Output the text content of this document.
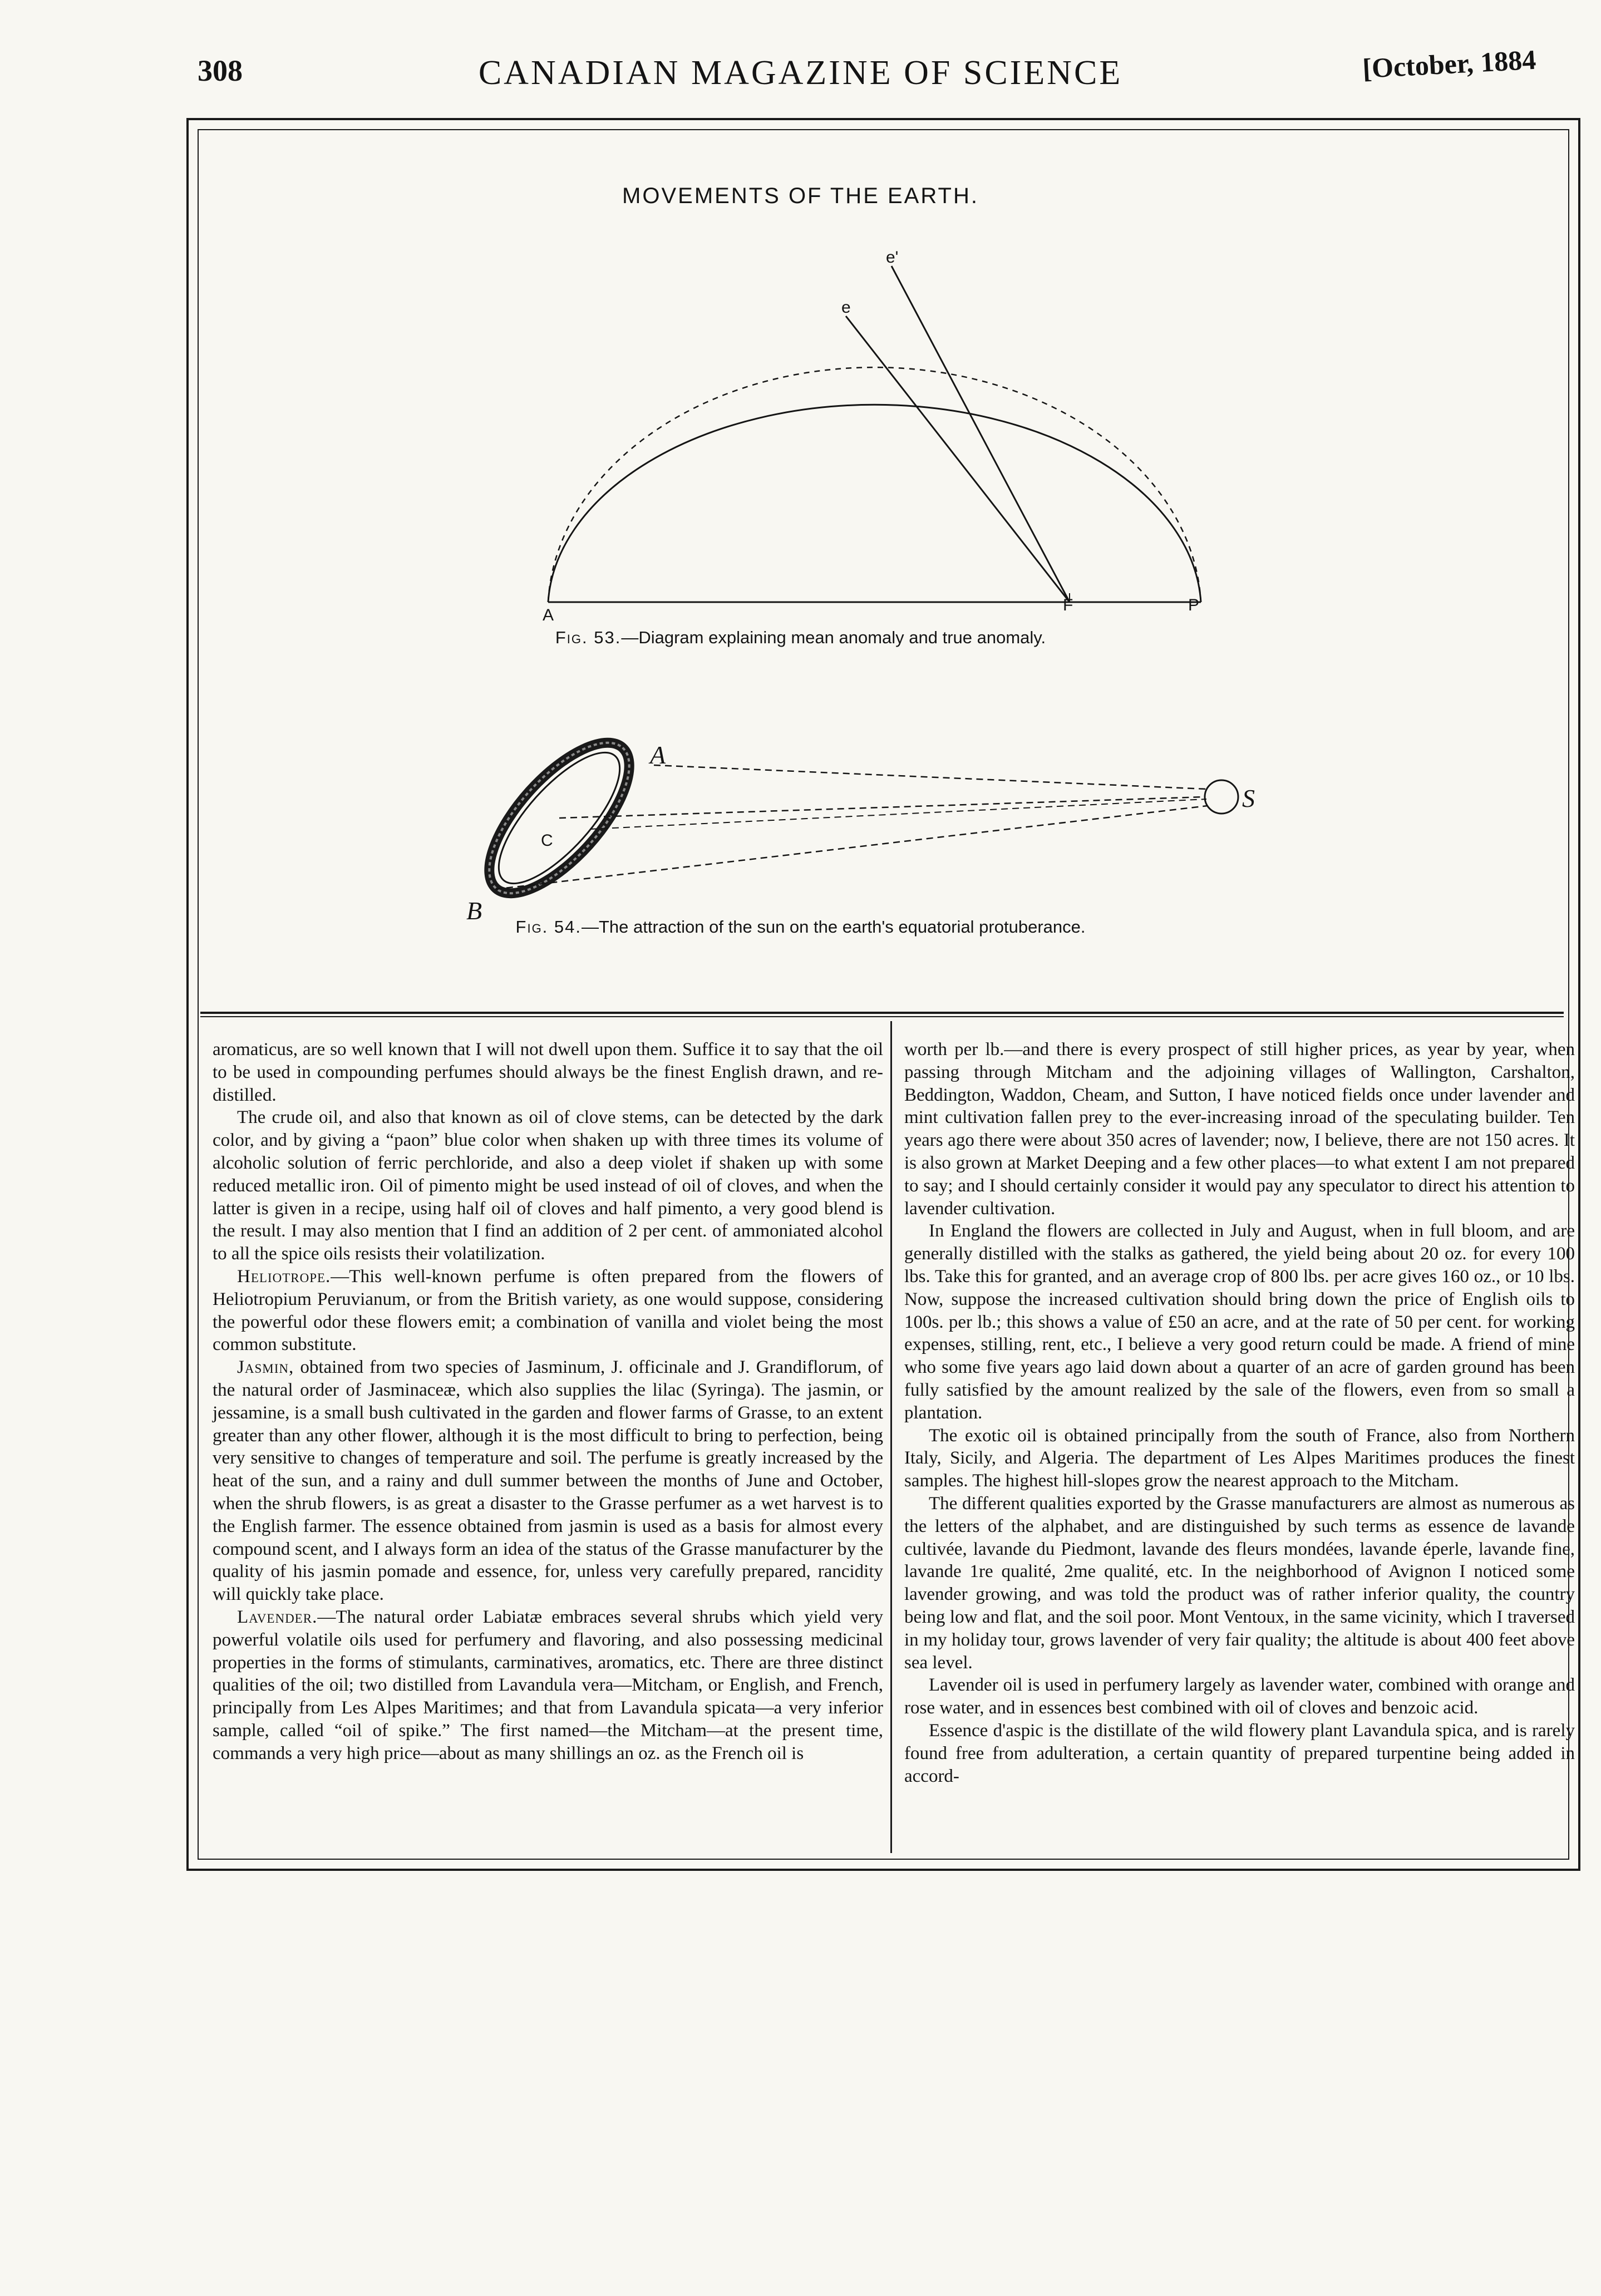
308	CANADIAN MAGAZINE OF SCIENCE	[October, 1884
MOVEMENTS OF THE EARTH.
A
F	P
e
e'
A
B
C
S
Fig. 53.—Diagram explaining mean anomaly and true anomaly.
Fig. 54.—The attraction of the sun on the earth's equatorial protuberance.

aromaticus, are so well known that I will not dwell upon them. Suffice it to say that the oil to be used in compounding perfumes should always be the finest English drawn, and re-distilled.

The crude oil, and also that known as oil of clove stems, can be detected by the dark color, and by giving a “paon” blue color when shaken up with three times its volume of alcoholic solution of ferric perchloride, and also a deep violet if shaken up with some reduced metallic iron. Oil of pimento might be used instead of oil of cloves, and when the latter is given in a recipe, using half oil of cloves and half pimento, a very good blend is the result. I may also mention that I find an addition of 2 per cent. of ammoniated alcohol to all the spice oils resists their volatilization.

Heliotrope.—This well-known perfume is often prepared from the flowers of Heliotropium Peruvianum, or from the British variety, as one would suppose, considering the powerful odor these flowers emit; a combination of vanilla and violet being the most common substitute.

Jasmin, obtained from two species of Jasminum, J. officinale and J. Grandiflorum, of the natural order of Jasminaceæ, which also supplies the lilac (Syringa). The jasmin, or jessamine, is a small bush cultivated in the garden and flower farms of Grasse, to an extent greater than any other flower, although it is the most difficult to bring to perfection, being very sensitive to changes of temperature and soil. The perfume is greatly increased by the heat of the sun, and a rainy and dull summer between the months of June and October, when the shrub flowers, is as great a disaster to the Grasse perfumer as a wet harvest is to the English farmer. The essence obtained from jasmin is used as a basis for almost every compound scent, and I always form an idea of the status of the Grasse manufacturer by the quality of his jasmin pomade and essence, for, unless very carefully prepared, rancidity will quickly take place.

Lavender.—The natural order Labiatæ embraces several shrubs which yield very powerful volatile oils used for perfumery and flavoring, and also possessing medicinal properties in the forms of stimulants, carminatives, aromatics, etc. There are three distinct qualities of the oil; two distilled from Lavandula vera—Mitcham, or English, and French, principally from Les Alpes Maritimes; and that from Lavandula spicata—a very inferior sample, called “oil of spike.” The first named—the Mitcham—at the present time, commands a very high price—about as many shillings an oz. as the French oil is

worth per lb.—and there is every prospect of still higher prices, as year by year, when passing through Mitcham and the adjoining villages of Wallington, Carshalton, Beddington, Waddon, Cheam, and Sutton, I have noticed fields once under lavender and mint cultivation fallen prey to the ever-increasing inroad of the speculating builder. Ten years ago there were about 350 acres of lavender; now, I believe, there are not 150 acres. It is also grown at Market Deeping and a few other places—to what extent I am not prepared to say; and I should certainly consider it would pay any speculator to direct his attention to lavender cultivation.

In England the flowers are collected in July and August, when in full bloom, and are generally distilled with the stalks as gathered, the yield being about 20 oz. for every 100 lbs. Take this for granted, and an average crop of 800 lbs. per acre gives 160 oz., or 10 lbs. Now, suppose the increased cultivation should bring down the price of English oils to 100s. per lb.; this shows a value of £50 an acre, and at the rate of 50 per cent. for working expenses, stilling, rent, etc., I believe a very good return could be made. A friend of mine who some five years ago laid down about a quarter of an acre of garden ground has been fully satisfied by the amount realized by the sale of the flowers, even from so small a plantation.

The exotic oil is obtained principally from the south of France, also from Northern Italy, Sicily, and Algeria. The department of Les Alpes Maritimes produces the finest samples. The highest hill-slopes grow the nearest approach to the Mitcham.

The different qualities exported by the Grasse manufacturers are almost as numerous as the letters of the alphabet, and are distinguished by such terms as essence de lavande cultivée, lavande du Piedmont, lavande des fleurs mondées, lavande éperle, lavande fine, lavande 1re qualité, 2me qualité, etc. In the neighborhood of Avignon I noticed some lavender growing, and was told the product was of rather inferior quality, the country being low and flat, and the soil poor. Mont Ventoux, in the same vicinity, which I traversed in my holiday tour, grows lavender of very fair quality; the altitude is about 400 feet above sea level.

Lavender oil is used in perfumery largely as lavender water, combined with orange and rose water, and in essences best combined with oil of cloves and benzoic acid.

Essence d'aspic is the distillate of the wild flowery plant Lavandula spica, and is rarely found free from adulteration, a certain quantity of prepared turpentine being added in accord-
